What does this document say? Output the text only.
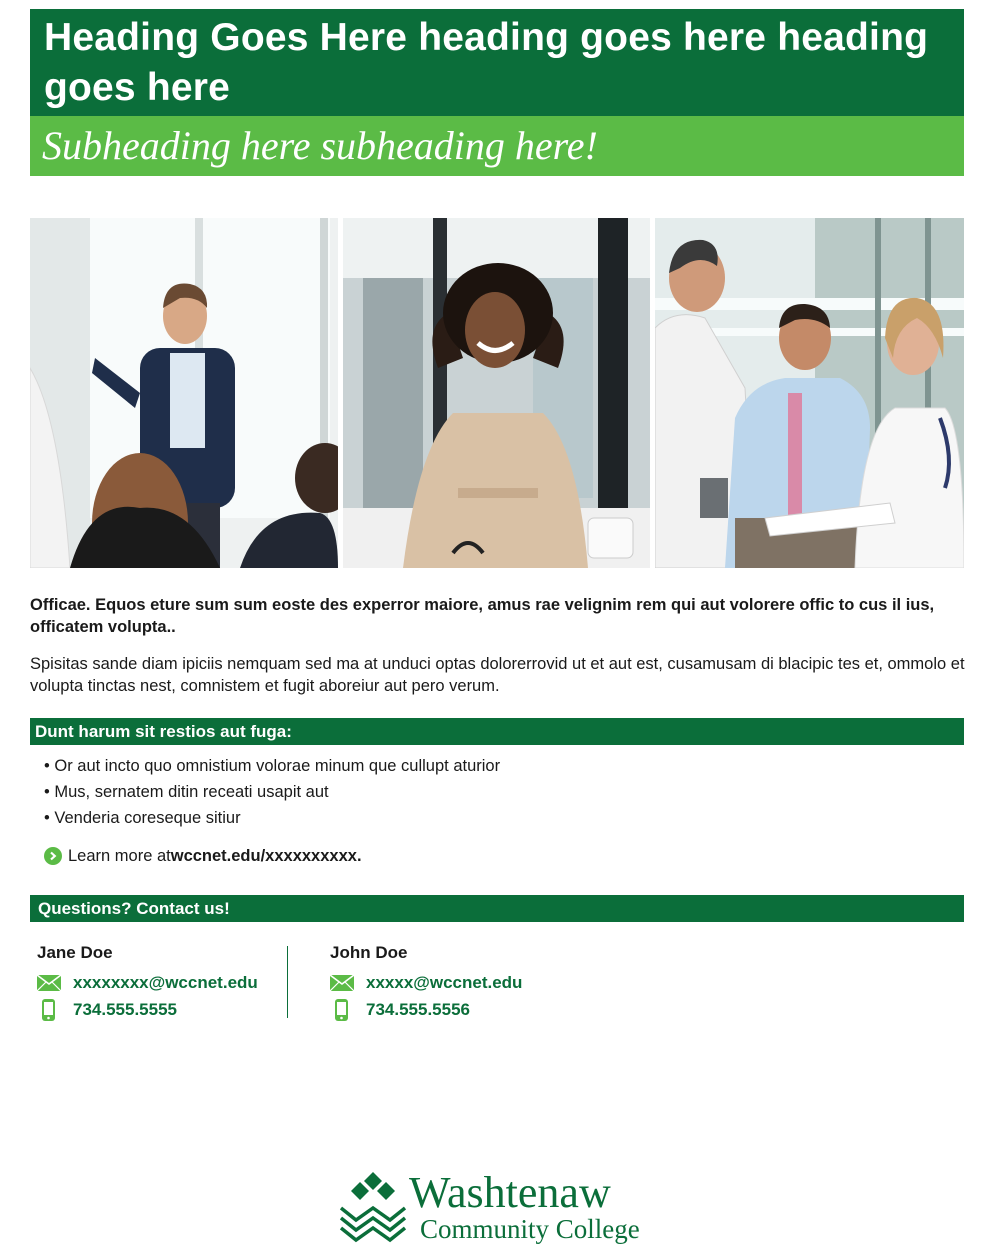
Heading Goes Here heading goes here heading goes here
Subheading here subheading here!

Officae. Equos eture sum sum eoste des experror maiore, amus rae velignim rem qui aut volorere offic to cus il ius, officatem volupta..

Spisitas sande diam ipiciis nemquam sed ma at unduci optas dolorerrovid ut et aut est, cusamusam di blacipic tes et, ommolo et volupta tinctas nest, comnistem et fugit aboreiur aut pero verum.

Dunt harum sit restios aut fuga:
• Or aut incto quo omnistium volorae minum que cullupt aturior
• Mus, sernatem ditin receati usapit aut
• Venderia coreseque sitiur
Learn more at wccnet.edu/xxxxxxxxxx.
Questions? Contact us!
Jane Doe
xxxxxxxx@wccnet.edu
734.555.5555
John Doe
xxxxx@wccnet.edu
734.555.5556
Washtenaw
Community College
